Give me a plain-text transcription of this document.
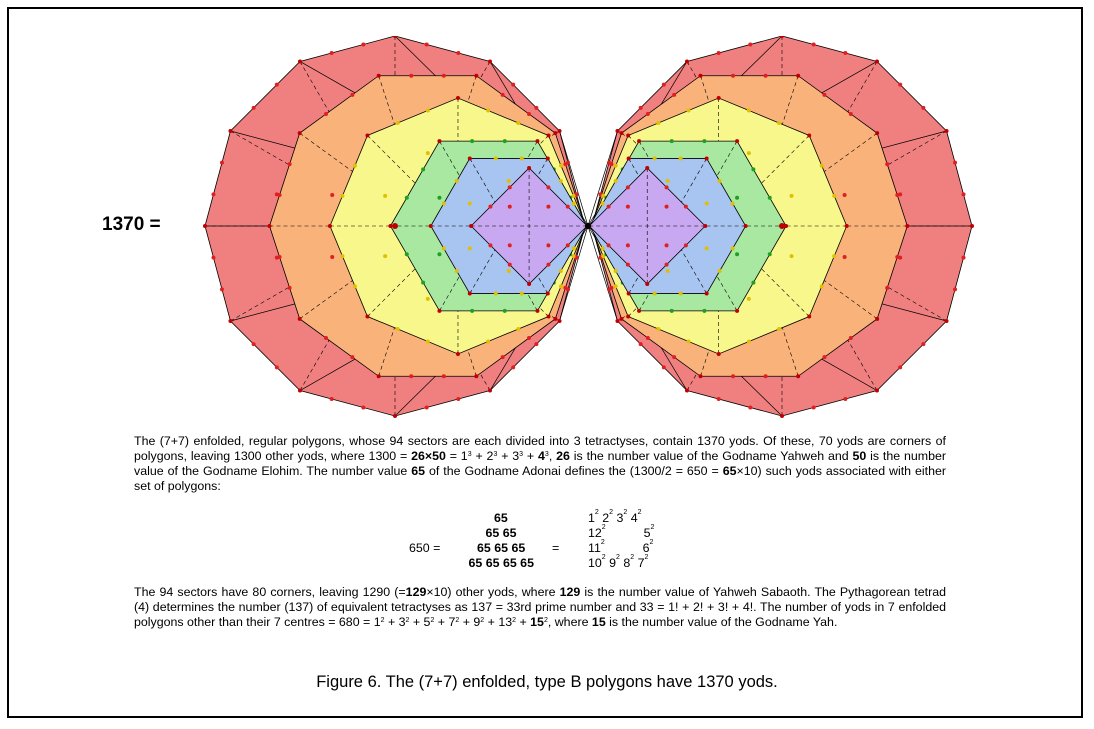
1370 =
The (7+7) enfolded, regular polygons, whose 94 sectors are each divided into 3 tetractyses, contain 1370 yods. Of these, 70 yods are corners of polygons, leaving 1300 other yods, where $1300 = 26\times 50 = 1^3 + 2^3 + 3^3 + 4^3$, 26 is the number value of the Godname Yahweh and 50 is the number value of the Godname Elohim. The number value 65 of the Godname Adonai defines the (1300/2 = 650 = 65×10) such yods associated with either set of polygons:
650 =
65
65 65
65 65 65
65 65 65 65
=
$1^2$ $2^2$ $3^2$ $4^2$
$12^2$           $5^2$
$11^2$           $6^2$
$10^2$ $9^2$ $8^2$ $7^2$
The 94 sectors have 80 corners, leaving 1290 (=129×10) other yods, where 129 is the number value of Yahweh Sabaoth. The Pythagorean tetrad (4) determines the number (137) of equivalent tetractyses as 137 = 33rd prime number and 33 = 1! + 2! + 3! + 4!. The number of yods in 7 enfolded polygons other than their 7 centres = $680 = 1^2 + 3^2 + 5^2 + 7^2 + 9^2 + 13^2 + 15^2$, where 15 is the number value of the Godname Yah.
Figure 6. The (7+7) enfolded, type B polygons have 1370 yods.
